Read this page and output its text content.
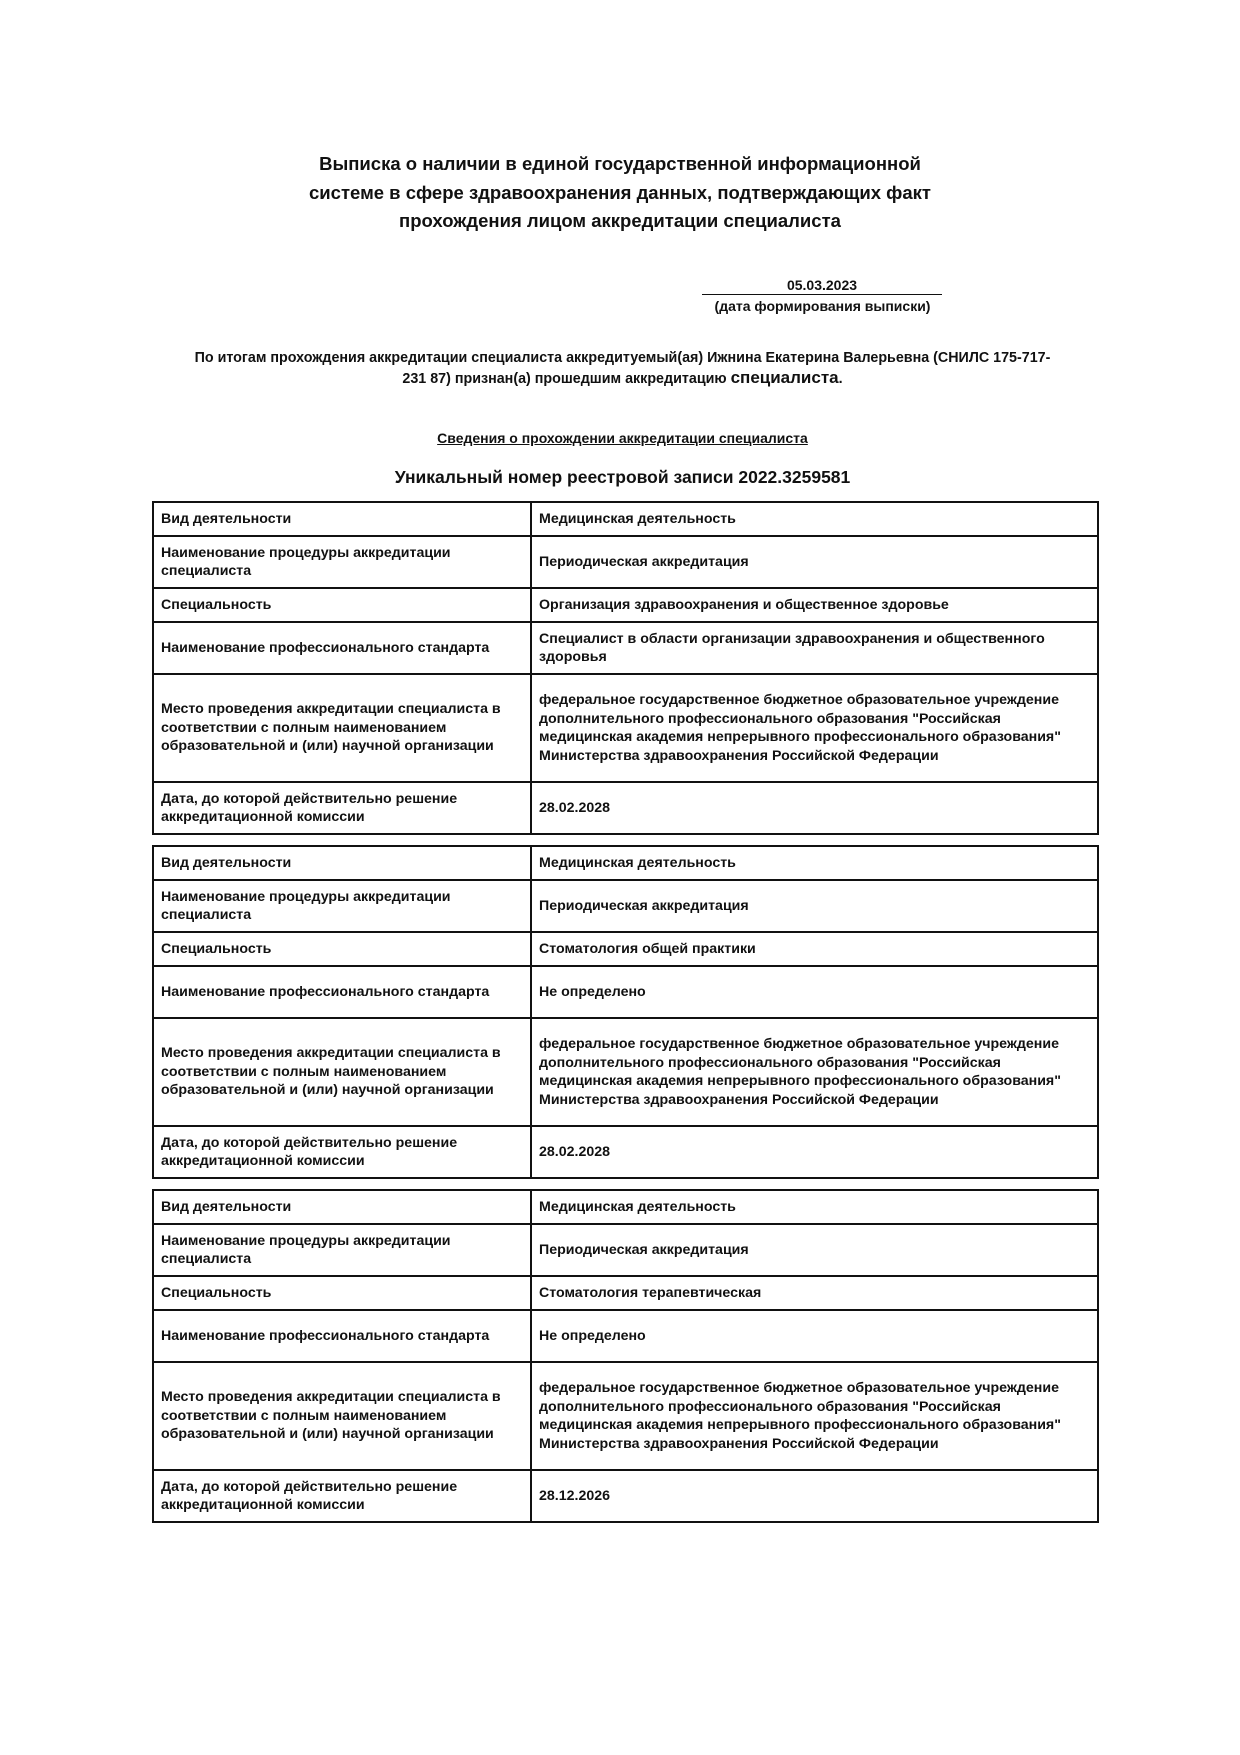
Выписка о наличии в единой государственной информационной
системе в сфере здравоохранения данных, подтверждающих факт
прохождения лицом аккредитации специалиста
05.03.2023
(дата формирования выписки)
По итогам прохождения аккредитации специалиста аккредитуемый(ая) Ижнина Екатерина Валерьевна (СНИЛС 175-717-
231 87) признан(а) прошедшим аккредитацию специалиста.
Сведения о прохождении аккредитации специалиста
Уникальный номер реестровой записи 2022.3259581
Вид деятельности	Медицинская деятельность
Наименование процедуры аккредитации специалиста	Периодическая аккредитация
Специальность	Организация здравоохранения и общественное здоровье
Наименование профессионального стандарта	Специалист в области организации здравоохранения и общественного здоровья
Место проведения аккредитации специалиста в соответствии с полным наименованием образовательной и (или) научной организации	федеральное государственное бюджетное образовательное учреждение дополнительного профессионального образования "Российская медицинская академия непрерывного профессионального образования" Министерства здравоохранения Российской Федерации
Дата, до которой действительно решение аккредитационной комиссии	28.02.2028
Вид деятельности	Медицинская деятельность
Наименование процедуры аккредитации специалиста	Периодическая аккредитация
Специальность	Стоматология общей практики
Наименование профессионального стандарта	Не определено
Место проведения аккредитации специалиста в соответствии с полным наименованием образовательной и (или) научной организации	федеральное государственное бюджетное образовательное учреждение дополнительного профессионального образования "Российская медицинская академия непрерывного профессионального образования" Министерства здравоохранения Российской Федерации
Дата, до которой действительно решение аккредитационной комиссии	28.02.2028
Вид деятельности	Медицинская деятельность
Наименование процедуры аккредитации специалиста	Периодическая аккредитация
Специальность	Стоматология терапевтическая
Наименование профессионального стандарта	Не определено
Место проведения аккредитации специалиста в соответствии с полным наименованием образовательной и (или) научной организации	федеральное государственное бюджетное образовательное учреждение дополнительного профессионального образования "Российская медицинская академия непрерывного профессионального образования" Министерства здравоохранения Российской Федерации
Дата, до которой действительно решение аккредитационной комиссии	28.12.2026
